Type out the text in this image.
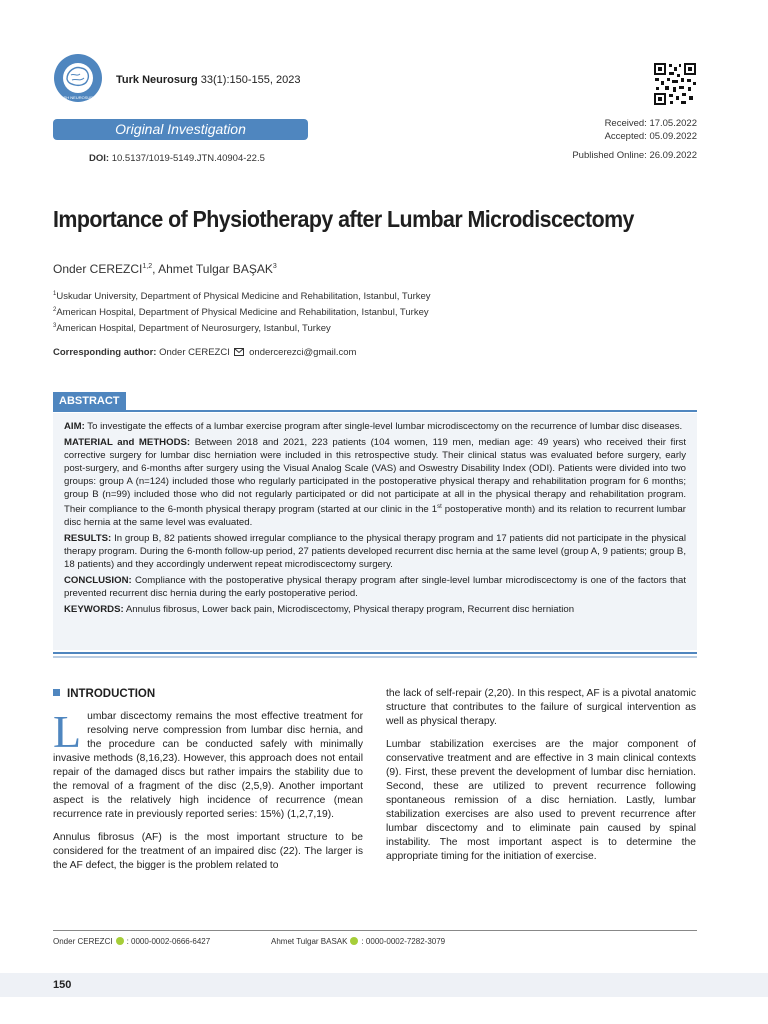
TURKISH NEUROSURGERY
Turk Neurosurg 33(1):150-155, 2023
Original Investigation	Received: 17.05.2022
Accepted: 05.09.2022
Published Online: 26.09.2022
DOI: 10.5137/1019-5149.JTN.40904-22.5
Importance of Physiotherapy after Lumbar Microdiscectomy
Onder CEREZCI$^{1,2}$, Ahmet Tulgar BAŞAK$^3$
$^1$Uskudar University, Department of Physical Medicine and Rehabilitation, Istanbul, Turkey
$^2$American Hospital, Department of Physical Medicine and Rehabilitation, Istanbul, Turkey
$^3$American Hospital, Department of Neurosurgery, Istanbul, Turkey
Corresponding author: Onder CEREZCI ondercerezci@gmail.com
ABSTRACT

AIM: To investigate the effects of a lumbar exercise program after single-level lumbar microdiscectomy on the recurrence of lumbar disc diseases.

MATERIAL and METHODS: Between 2018 and 2021, 223 patients (104 women, 119 men, median age: 49 years) who received their first corrective surgery for lumbar disc herniation were included in this retrospective study. Their clinical status was evaluated before surgery, early post-surgery, and 6-months after surgery using the Visual Analog Scale (VAS) and Oswestry Disability Index (ODI). Patients were divided into two groups: group A (n=124) included those who regularly participated in the postoperative physical therapy and rehabilitation program for 6 months; group B (n=99) included those who did not regularly participated or did not participate at all in the physical therapy and rehabilitation program. Their compliance to the 6-month physical therapy program (started at our clinic in the 1st postoperative month) and its relation to recurrent lumbar disc hernia at the same level was evaluated.

RESULTS: In group B, 82 patients showed irregular compliance to the physical therapy program and 17 patients did not participate in the physical therapy program. During the 6-month follow-up period, 27 patients developed recurrent disc hernia at the same level (group A, 9 patients; group B, 18 patients) and they accordingly underwent repeat microdiscectomy surgery.

CONCLUSION: Compliance with the postoperative physical therapy program after single-level lumbar microdiscectomy is one of the factors that prevented recurrent disc hernia during the early postoperative period.

KEYWORDS: Annulus fibrosus, Lower back pain, Microdiscectomy, Physical therapy program, Recurrent disc herniation

INTRODUCTION

Lumbar discectomy remains the most effective treatment for resolving nerve compression from lumbar disc hernia, and the procedure can be conducted safely with minimally invasive methods (8,16,23). However, this approach does not entail repair of the damaged discs but rather impairs the stability due to the removal of a fragment of the disc (2,5,9). Another important aspect is the relatively high incidence of recurrence (mean recurrence rate in previously reported series: 15%) (1,2,7,19).

Annulus fibrosus (AF) is the most important structure to be considered for the treatment of an impaired disc (22). The larger is the AF defect, the bigger is the problem related to

the lack of self-repair (2,20). In this respect, AF is a pivotal anatomic structure that contributes to the failure of surgical intervention as well as physical therapy.

Lumbar stabilization exercises are the major component of conservative treatment and are effective in 3 main clinical contexts (9). First, these prevent the development of lumbar disc herniation. Second, these are utilized to prevent recurrence following spontaneous remission of a disc herniation. Lastly, lumbar stabilization exercises are also used to prevent recurrence after lumbar discectomy and to eliminate pain caused by spinal instability. The most important aspect is to determine the appropriate timing for the initiation of exercise.

Onder CEREZCI : 0000-0002-0666-6427	Ahmet Tulgar BASAK : 0000-0002-7282-3079
150
